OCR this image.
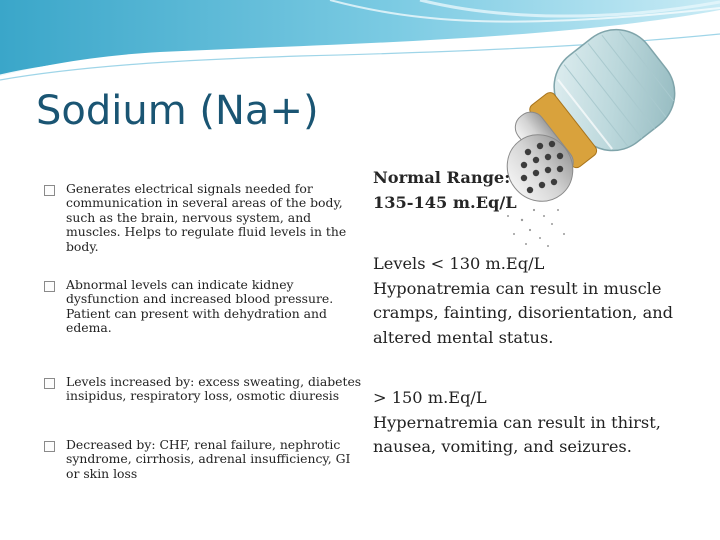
Sodium (Na+)
Generates electrical signals needed for communication in several areas of the body, such as the brain, nervous system, and muscles. Helps to regulate fluid levels in the body.
Abnormal levels can indicate kidney dysfunction and increased blood pressure. Patient can present with dehydration and edema.
Levels increased by: excess sweating, diabetes insipidus, respiratory loss, osmotic diuresis
Decreased by: CHF, renal failure, nephrotic syndrome, cirrhosis, adrenal insufficiency, GI or skin loss

Normal Range:

135-145 m.Eq/L

Levels < 130 m.Eq/L

Hyponatremia can result in muscle cramps, fainting, disorientation, and altered mental status.

> 150 m.Eq/L

Hypernatremia can result in thirst, nausea, vomiting, and seizures.
